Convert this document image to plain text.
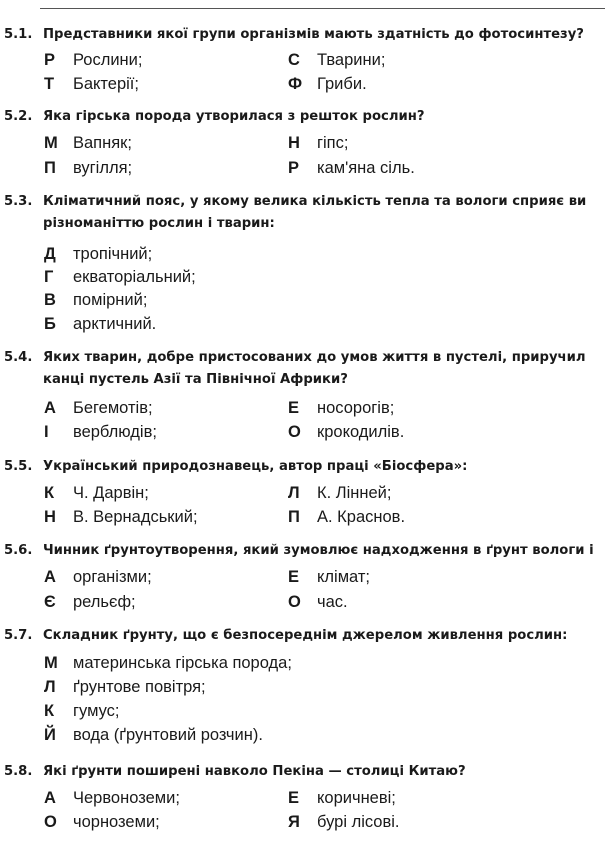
5.1. Представники якої групи організмів мають здатність до фотосинтезу?
Р Рослини;	С Тварини;
Т Бактерії;	Ф Гриби.
5.2. Яка гірська порода утворилася з решток рослин?
М Вапняк;	Н гіпс;
П вугілля;	Р кам'яна сіль.
5.3. Кліматичний пояс, у якому велика кількість тепла та вологи сприяє ви
різноманіттю рослин і тварин:
Д тропічний;
Г екваторіальний;
В помірний;
Б арктичний.
5.4. Яких тварин, добре пристосованих до умов життя в пустелі, приручил
канці пустель Азії та Північної Африки?
А Бегемотів;	Е носорогів;
І верблюдів;	О крокодилів.
5.5. Український природознавець, автор праці «Біосфера»:
К Ч. Дарвін;	Л К. Лінней;
Н В. Вернадський;	П А. Краснов.
5.6. Чинник ґрунтоутворення, який зумовлює надходження в ґрунт вологи і
А організми;	Е клімат;
Є рельєф;	О час.
5.7. Складник ґрунту, що є безпосереднім джерелом живлення рослин:
М материнська гірська порода;
Л ґрунтове повітря;
К гумус;
Й вода (ґрунтовий розчин).
5.8. Які ґрунти поширені навколо Пекіна — столиці Китаю?
А Червоноземи;	Е коричневі;
О чорноземи;	Я бурі лісові.
